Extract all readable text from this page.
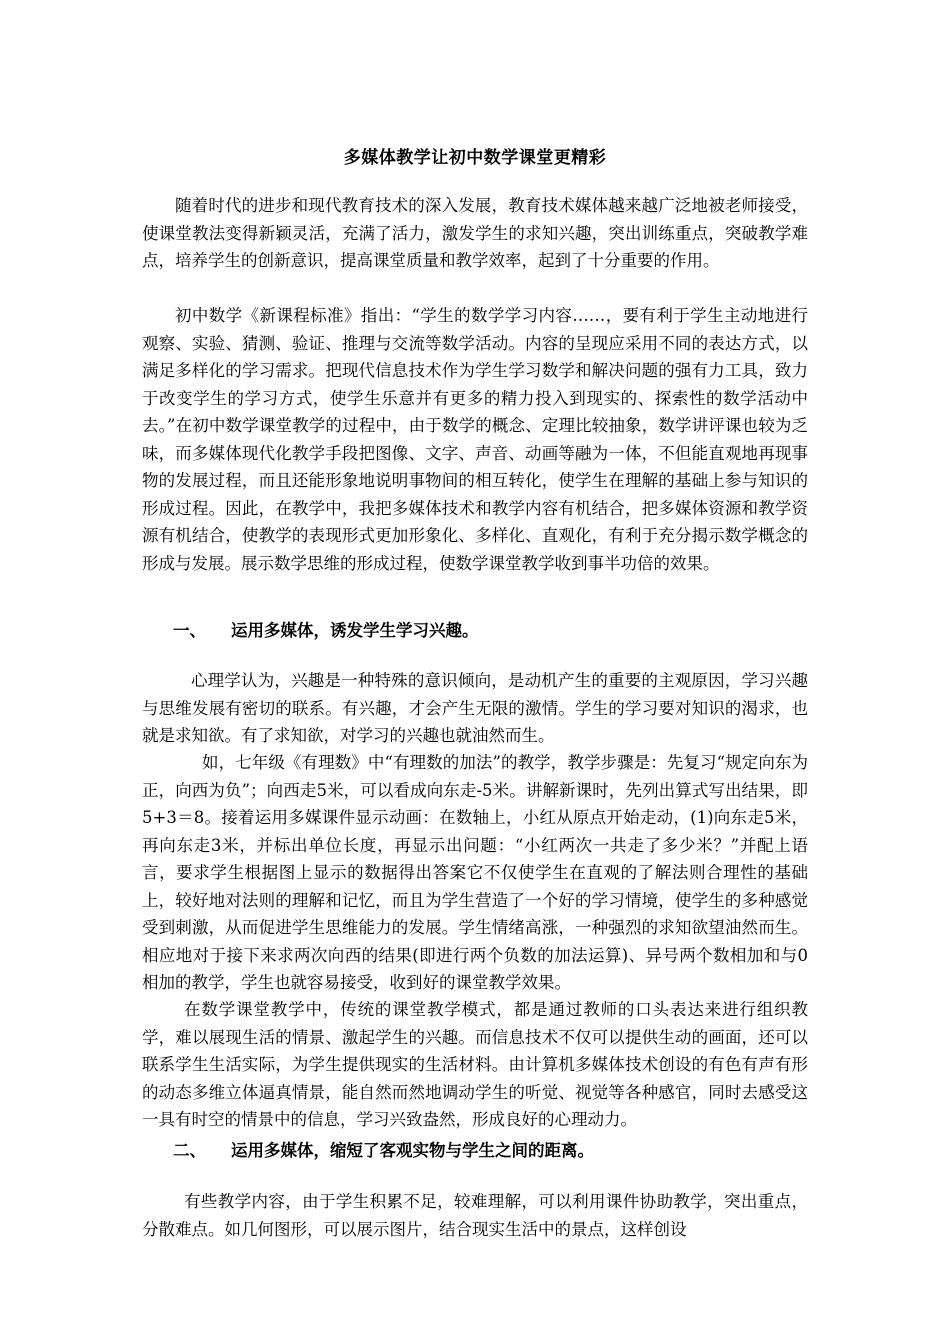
多媒体教学让初中数学课堂更精彩

随着时代的进步和现代教育技术的深入发展，教育技术媒体越来越广泛地被老师接受，使课堂教法变得新颖灵活，充满了活力，激发学生的求知兴趣，突出训练重点，突破教学难点，培养学生的创新意识，提高课堂质量和教学效率，起到了十分重要的作用。

初中数学《新课程标准》指出：“学生的数学学习内容……，要有利于学生主动地进行观察、实验、猜测、验证、推理与交流等数学活动。内容的呈现应采用不同的表达方式，以满足多样化的学习需求。把现代信息技术作为学生学习数学和解决问题的强有力工具，致力于改变学生的学习方式，使学生乐意并有更多的精力投入到现实的、探索性的数学活动中去。”在初中数学课堂教学的过程中，由于数学的概念、定理比较抽象，数学讲评课也较为乏味，而多媒体现代化教学手段把图像、文字、声音、动画等融为一体，不但能直观地再现事物的发展过程，而且还能形象地说明事物间的相互转化，使学生在理解的基础上参与知识的形成过程。因此，在教学中，我把多媒体技术和教学内容有机结合，把多媒体资源和教学资源有机结合，使教学的表现形式更加形象化、多样化、直观化，有利于充分揭示数学概念的形成与发展。展示数学思维的形成过程，使数学课堂教学收到事半功倍的效果。

一、 运用多媒体，诱发学生学习兴趣。

心理学认为，兴趣是一种特殊的意识倾向，是动机产生的重要的主观原因，学习兴趣与思维发展有密切的联系。有兴趣，才会产生无限的激情。学生的学习要对知识的渴求，也就是求知欲。有了求知欲，对学习的兴趣也就油然而生。

如，七年级《有理数》中“有理数的加法”的教学，教学步骤是：先复习“规定向东为正，向西为负”；向西走5米，可以看成向东走-5米。讲解新课时，先列出算式写出结果，即5+3＝8。接着运用多媒课件显示动画：在数轴上，小红从原点开始走动，(1)向东走5米，再向东走3米，并标出单位长度，再显示出问题：“小红两次一共走了多少米？”并配上语言，要求学生根据图上显示的数据得出答案它不仅使学生在直观的了解法则合理性的基础上，较好地对法则的理解和记忆，而且为学生营造了一个好的学习情境，使学生的多种感觉受到刺激，从而促进学生思维能力的发展。学生情绪高涨，一种强烈的求知欲望油然而生。相应地对于接下来求两次向西的结果(即进行两个负数的加法运算)、异号两个数相加和与0相加的教学，学生也就容易接受，收到好的课堂教学效果。

在数学课堂教学中，传统的课堂教学模式，都是通过教师的口头表达来进行组织教学，难以展现生活的情景、激起学生的兴趣。而信息技术不仅可以提供生动的画面，还可以联系学生生活实际，为学生提供现实的生活材料。由计算机多媒体技术创设的有色有声有形的动态多维立体逼真情景，能自然而然地调动学生的听觉、视觉等各种感官，同时去感受这一具有时空的情景中的信息，学习兴致盎然，形成良好的心理动力。

二、 运用多媒体，缩短了客观实物与学生之间的距离。

有些教学内容，由于学生积累不足，较难理解，可以利用课件协助教学，突出重点，分散难点。如几何图形，可以展示图片，结合现实生活中的景点，这样创设
